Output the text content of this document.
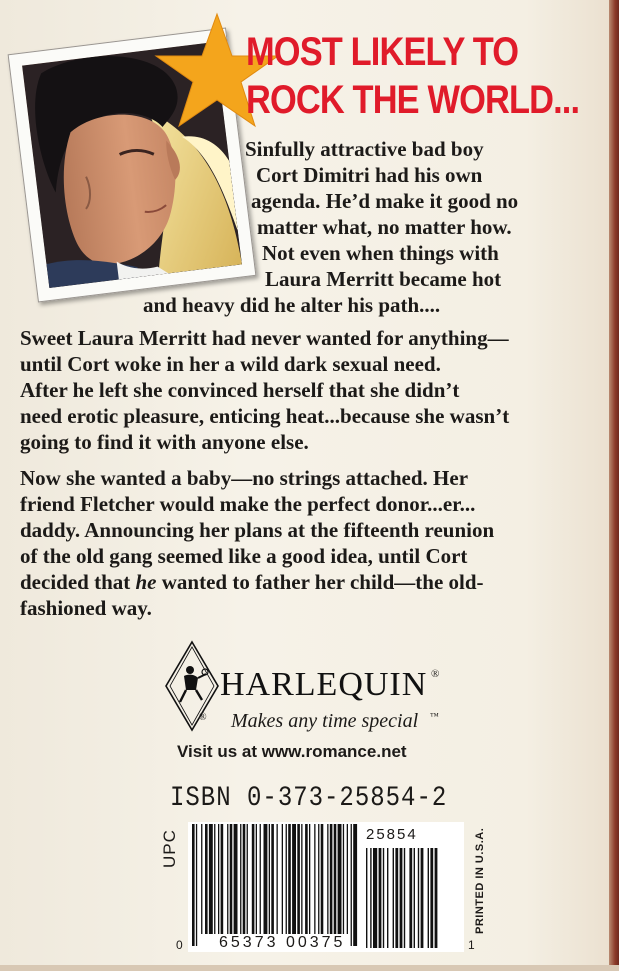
MOST LIKELY TO
ROCK THE WORLD...
Sinfully attractive bad boy
Cort Dimitri had his own
agenda. He’d make it good no
matter what, no matter how.
Not even when things with
Laura Merritt became hot
and heavy did he alter his path....
Sweet Laura Merritt had never wanted for anything—
until Cort woke in her a wild dark sexual need.
After he left she convinced herself that she didn’t
need erotic pleasure, enticing heat...because she wasn’t
going to find it with anyone else.
Now she wanted a baby—no strings attached. Her
friend Fletcher would make the perfect donor...er...
daddy. Announcing her plans at the fifteenth reunion
of the old gang seemed like a good idea, until Cort
decided that he wanted to father her child—the old-
fashioned way.
HARLEQUIN ®
® Makes any time special ™
Visit us at www.romance.net
ISBN 0-373-25854-2
25854
UPC
0 65373 00375	1
PRINTED IN U.S.A.
